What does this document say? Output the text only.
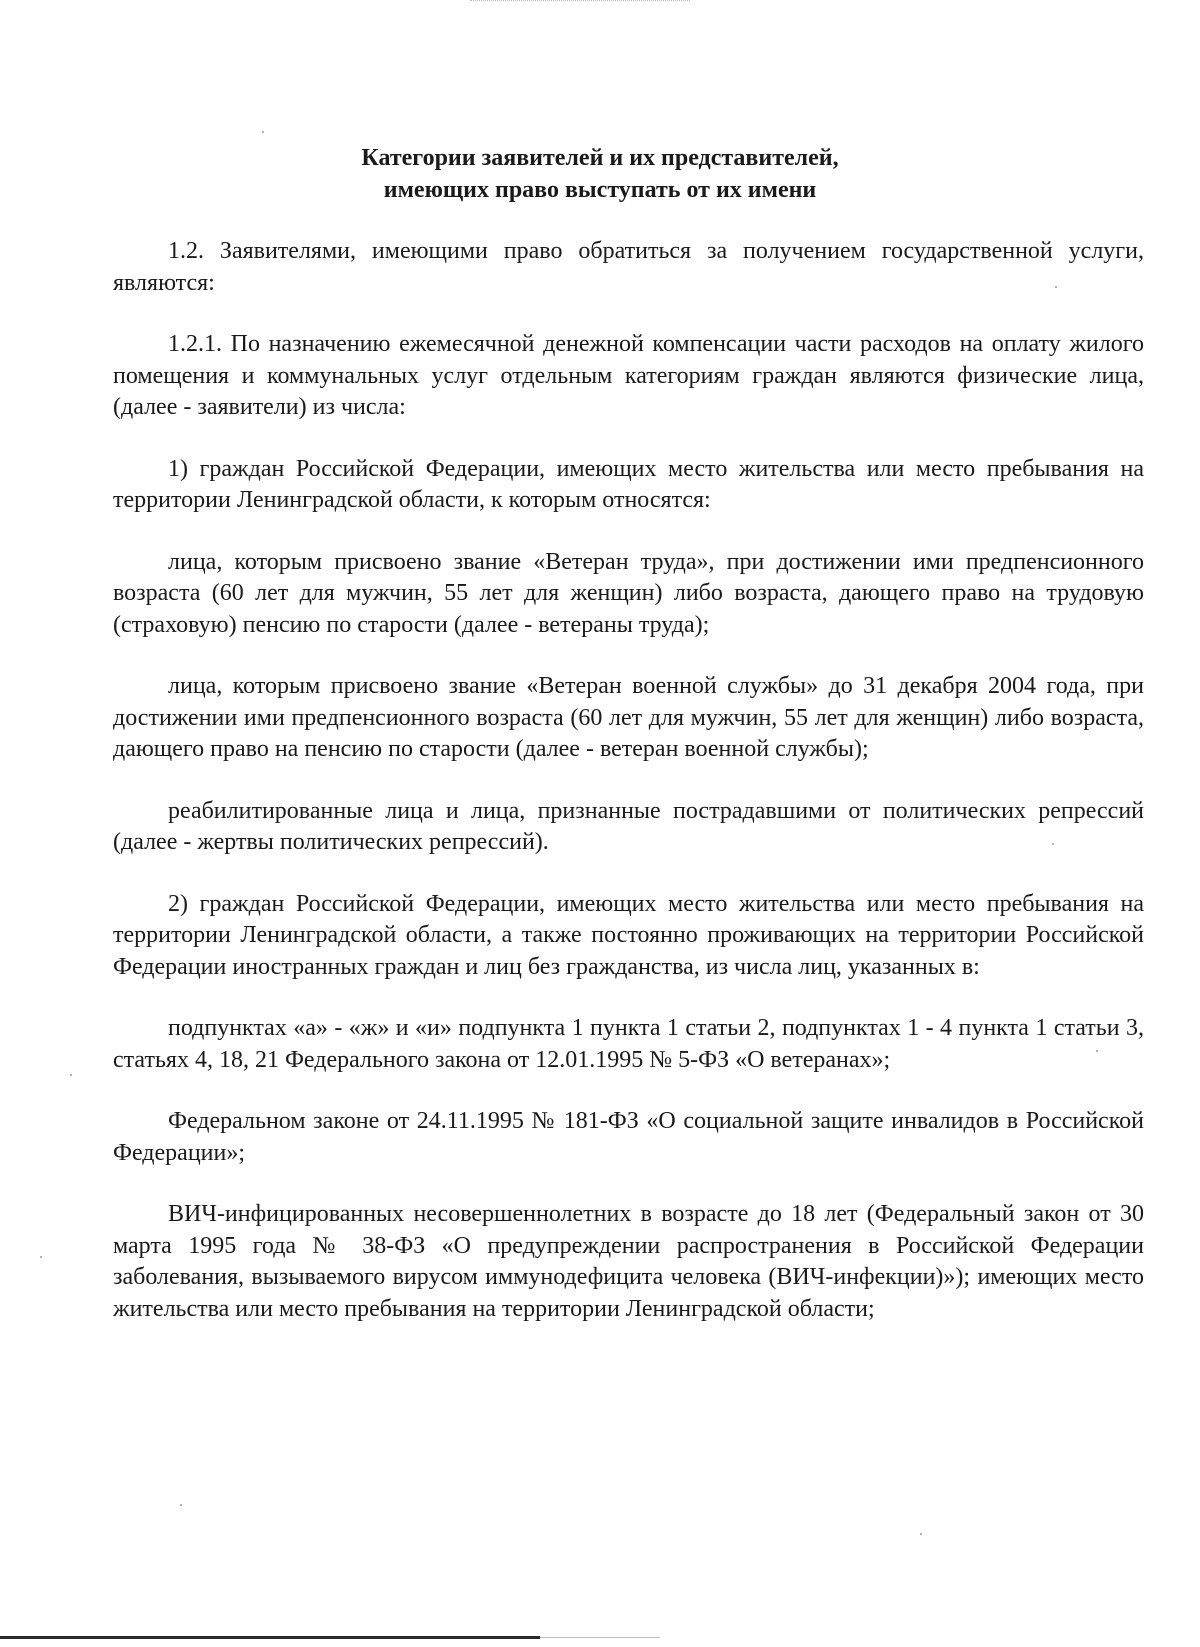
Категории заявителей и их представителей,
имеющих право выступать от их имени

1.2. Заявителями, имеющими право обратиться за получением государственной услуги, являются:

1.2.1. По назначению ежемесячной денежной компенсации части расходов на оплату жилого помещения и коммунальных услуг отдельным категориям граждан являются физические лица, (далее - заявители) из числа:

1) граждан Российской Федерации, имеющих место жительства или место пребывания на территории Ленинградской области, к которым относятся:

лица, которым присвоено звание «Ветеран труда», при достижении ими предпенсионного возраста (60 лет для мужчин, 55 лет для женщин) либо возраста, дающего право на трудовую (страховую) пенсию по старости (далее - ветераны труда);

лица, которым присвоено звание «Ветеран военной службы» до 31 декабря 2004 года, при достижении ими предпенсионного возраста (60 лет для мужчин, 55 лет для женщин) либо возраста, дающего право на пенсию по старости (далее - ветеран военной службы);

реабилитированные лица и лица, признанные пострадавшими от политических репрессий (далее - жертвы политических репрессий).

2) граждан Российской Федерации, имеющих место жительства или место пребывания на территории Ленинградской области, а также постоянно проживающих на территории Российской Федерации иностранных граждан и лиц без гражданства, из числа лиц, указанных в:

подпунктах «а» - «ж» и «и» подпункта 1 пункта 1 статьи 2, подпунктах 1 - 4 пункта 1 статьи 3, статьях 4, 18, 21 Федерального закона от 12.01.1995 № 5-ФЗ «О ветеранах»;

Федеральном законе от 24.11.1995 № 181-ФЗ «О социальной защите инвалидов в Российской Федерации»;

ВИЧ-инфицированных несовершеннолетних в возрасте до 18 лет (Федеральный закон от 30 марта 1995 года № 38-ФЗ «О предупреждении распространения в Российской Федерации заболевания, вызываемого вирусом иммунодефицита человека (ВИЧ-инфекции)»); имеющих место жительства или место пребывания на территории Ленинградской области;
